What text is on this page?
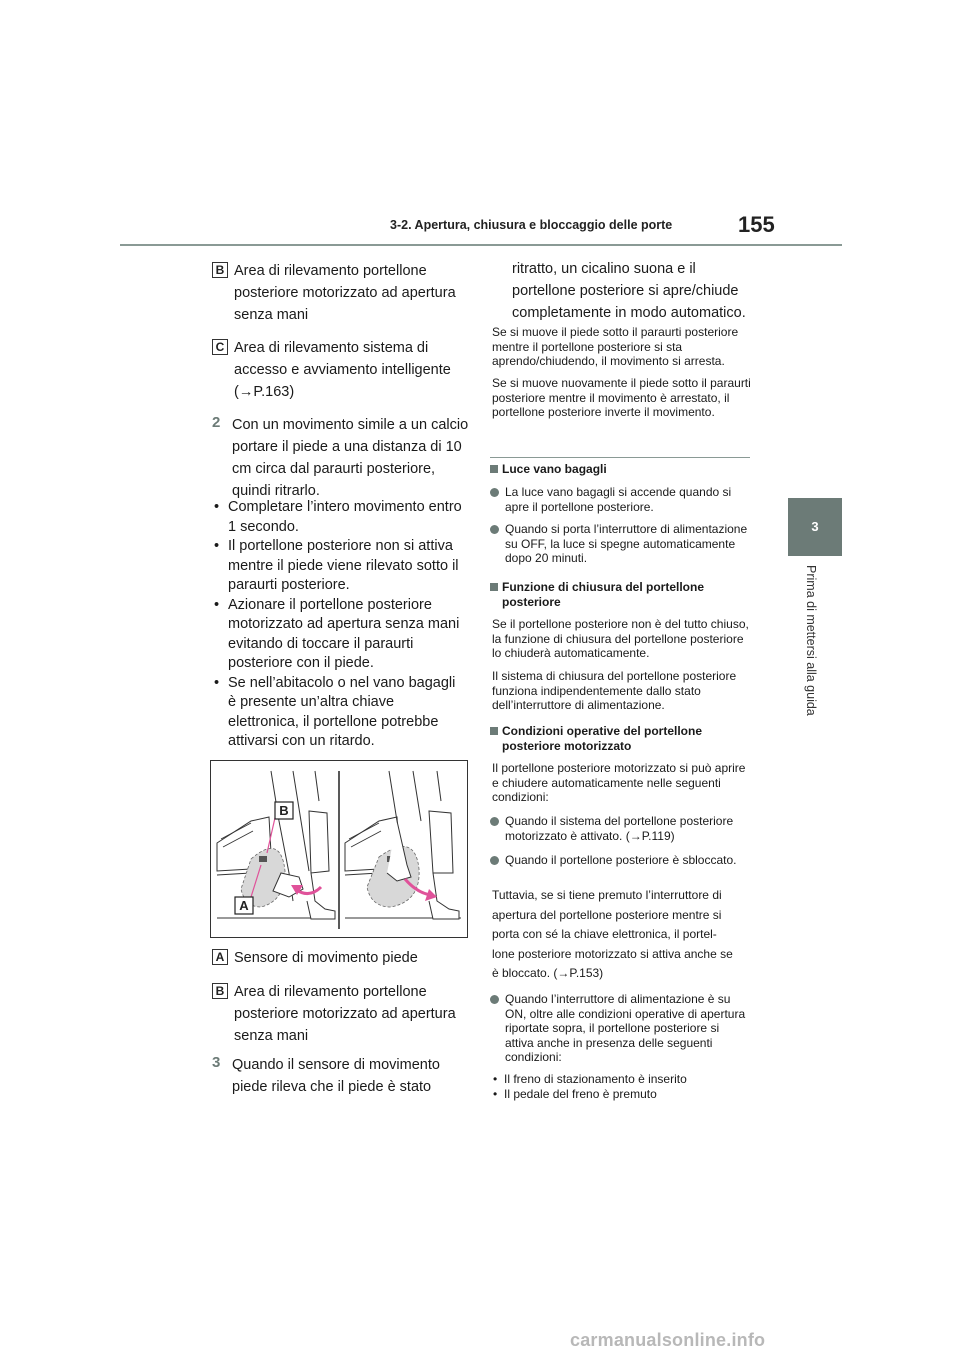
3-2. Apertura, chiusura e bloccaggio delle porte	155
3
Prima di mettersi alla guida
B Area di rilevamento portellone posteriore motorizzato ad apertura senza mani
C Area di rilevamento sistema di accesso e avviamento intelligente (→P.163)
2 Con un movimento simile a un calcio portare il piede a una distanza di 10 cm circa dal paraurti posteriore, quindi ritrarlo.
• Completare l’intero movimento entro 1 secondo.
• Il portellone posteriore non si attiva mentre il piede viene rilevato sotto il paraurti posteriore.
• Azionare il portellone posteriore motorizzato ad apertura senza mani evitando di toccare il paraurti posteriore con il piede.
• Se nell’abitacolo o nel vano bagagli è presente un’altra chiave elettronica, il portellone potrebbe attivarsi con un ritardo.
B
A
A Sensore di movimento piede
B Area di rilevamento portellone posteriore motorizzato ad apertura senza mani
3 Quando il sensore di movimento piede rileva che il piede è stato
ritratto, un cicalino suona e il portellone posteriore si apre/chiude completamente in modo automatico.
Se si muove il piede sotto il paraurti posteriore mentre il portellone posteriore si sta aprendo/chiudendo, il movimento si arresta.
Se si muove nuovamente il piede sotto il paraurti posteriore mentre il movimento è arrestato, il portellone posteriore inverte il movimento.
Luce vano bagagli
La luce vano bagagli si accende quando si apre il portellone posteriore.
Quando si porta l’interruttore di alimentazione su OFF, la luce si spegne automaticamente dopo 20 minuti.
Funzione di chiusura del portellone posteriore
Se il portellone posteriore non è del tutto chiuso, la funzione di chiusura del portellone posteriore lo chiuderà automaticamente.
Il sistema di chiusura del portellone posteriore funziona indipendentemente dallo stato dell’interruttore di alimentazione.
Condizioni operative del portellone posteriore motorizzato
Il portellone posteriore motorizzato si può aprire e chiudere automaticamente nelle seguenti condizioni:
Quando il sistema del portellone posteriore motorizzato è attivato. (→P.119)
Quando il portellone posteriore è sbloccato.
Tuttavia, se si tiene premuto l’interruttore di
apertura del portellone posteriore mentre si
porta con sé la chiave elettronica, il portel-
lone posteriore motorizzato si attiva anche se
è bloccato. (→P.153)
Quando l’interruttore di alimentazione è su ON, oltre alle condizioni operative di apertura riportate sopra, il portellone posteriore si attiva anche in presenza delle seguenti condizioni:
• Il freno di stazionamento è inserito
• Il pedale del freno è premuto
carmanualsonline.info
